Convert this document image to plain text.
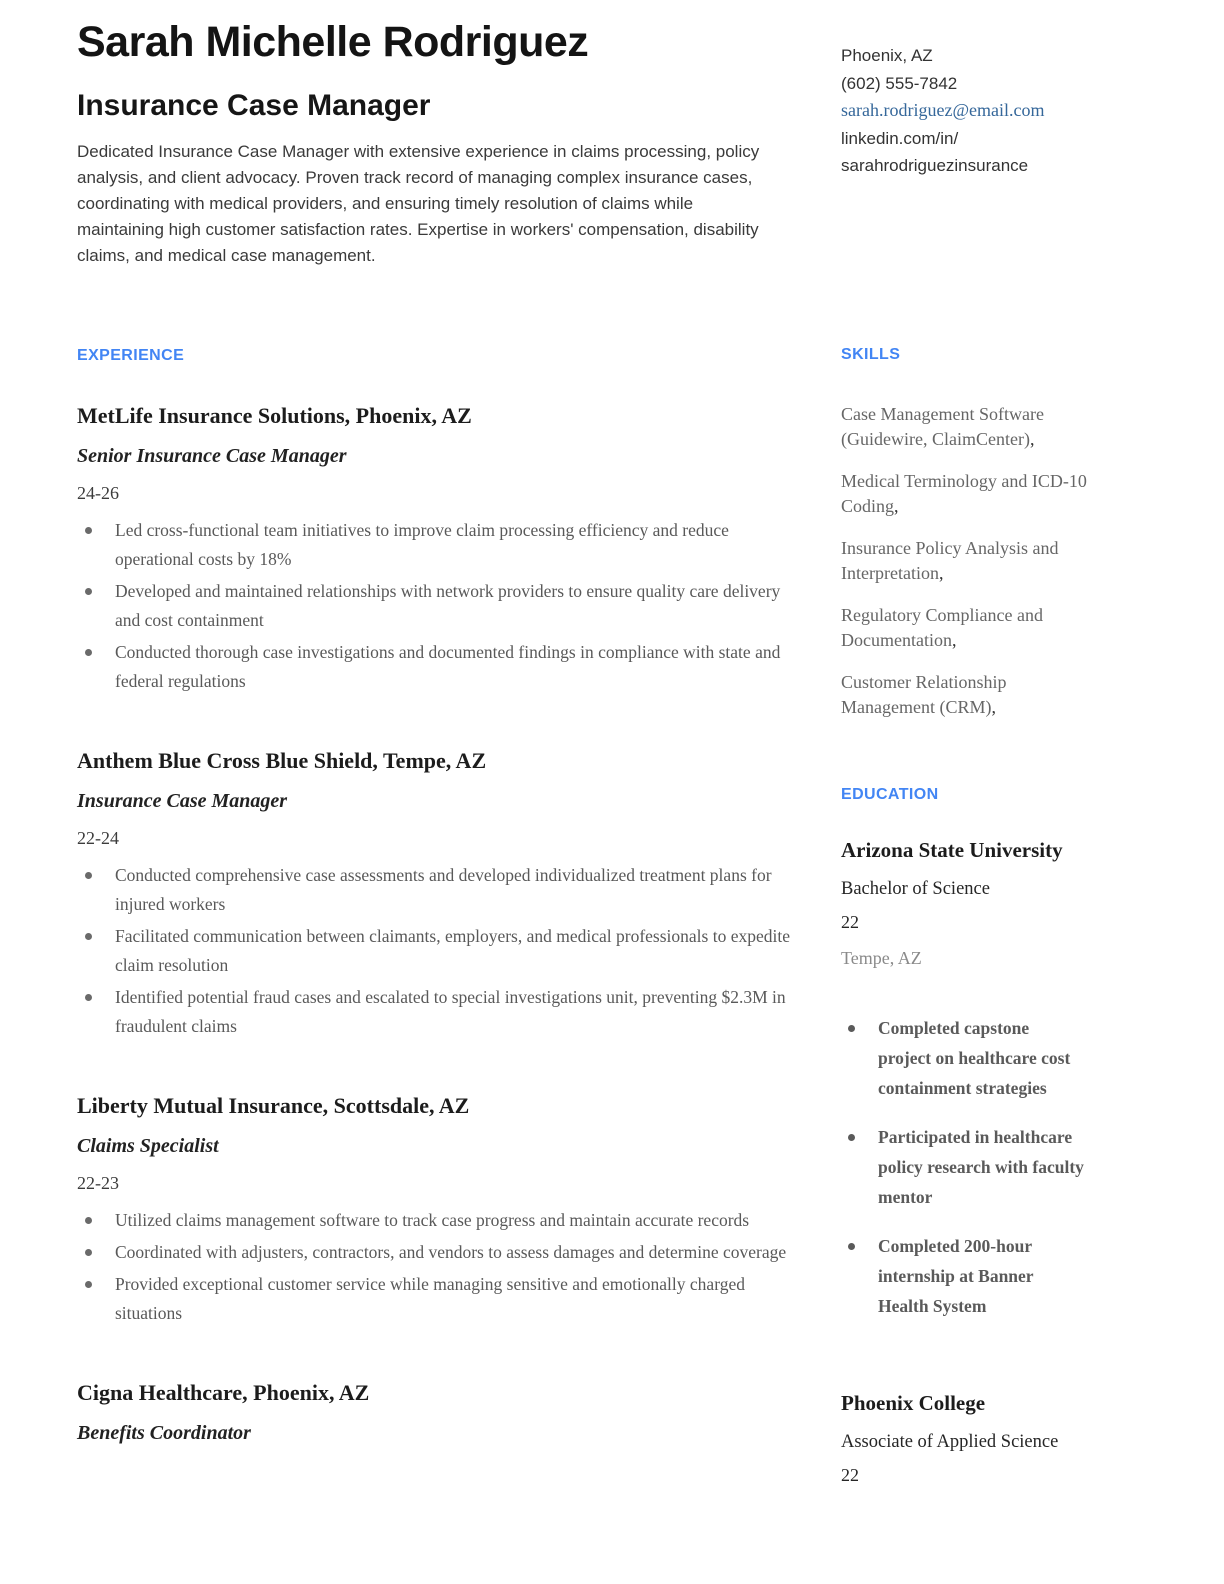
Sarah Michelle Rodriguez
Insurance Case Manager

Dedicated Insurance Case Manager with extensive experience in claims processing, policy analysis, and client advocacy. Proven track record of managing complex insurance cases, coordinating with medical providers, and ensuring timely resolution of claims while maintaining high customer satisfaction rates. Expertise in workers' compensation, disability claims, and medical case management.

EXPERIENCE
MetLife Insurance Solutions, Phoenix, AZ
Senior Insurance Case Manager
24-26
Led cross-functional team initiatives to improve claim processing efficiency and reduce operational costs by 18%
Developed and maintained relationships with network providers to ensure quality care delivery and cost containment
Conducted thorough case investigations and documented findings in compliance with state and federal regulations
Anthem Blue Cross Blue Shield, Tempe, AZ
Insurance Case Manager
22-24
Conducted comprehensive case assessments and developed individualized treatment plans for injured workers
Facilitated communication between claimants, employers, and medical professionals to expedite claim resolution
Identified potential fraud cases and escalated to special investigations unit, preventing $2.3M in fraudulent claims
Liberty Mutual Insurance, Scottsdale, AZ
Claims Specialist
22-23
Utilized claims management software to track case progress and maintain accurate records
Coordinated with adjusters, contractors, and vendors to assess damages and determine coverage
Provided exceptional customer service while managing sensitive and emotionally charged situations
Cigna Healthcare, Phoenix, AZ
Benefits Coordinator
Phoenix, AZ
(602) 555-7842
sarah.rodriguez@email.com
linkedin.com/in/
sarahrodriguezinsurance
SKILLS
Case Management Software (Guidewire, ClaimCenter),
Medical Terminology and ICD-10 Coding,
Insurance Policy Analysis and Interpretation,
Regulatory Compliance and Documentation,
Customer Relationship Management (CRM),
EDUCATION
Arizona State University
Bachelor of Science
22
Tempe, AZ
Completed capstone project on healthcare cost containment strategies
Participated in healthcare policy research with faculty mentor
Completed 200-hour internship at Banner Health System
Phoenix College
Associate of Applied Science
22
